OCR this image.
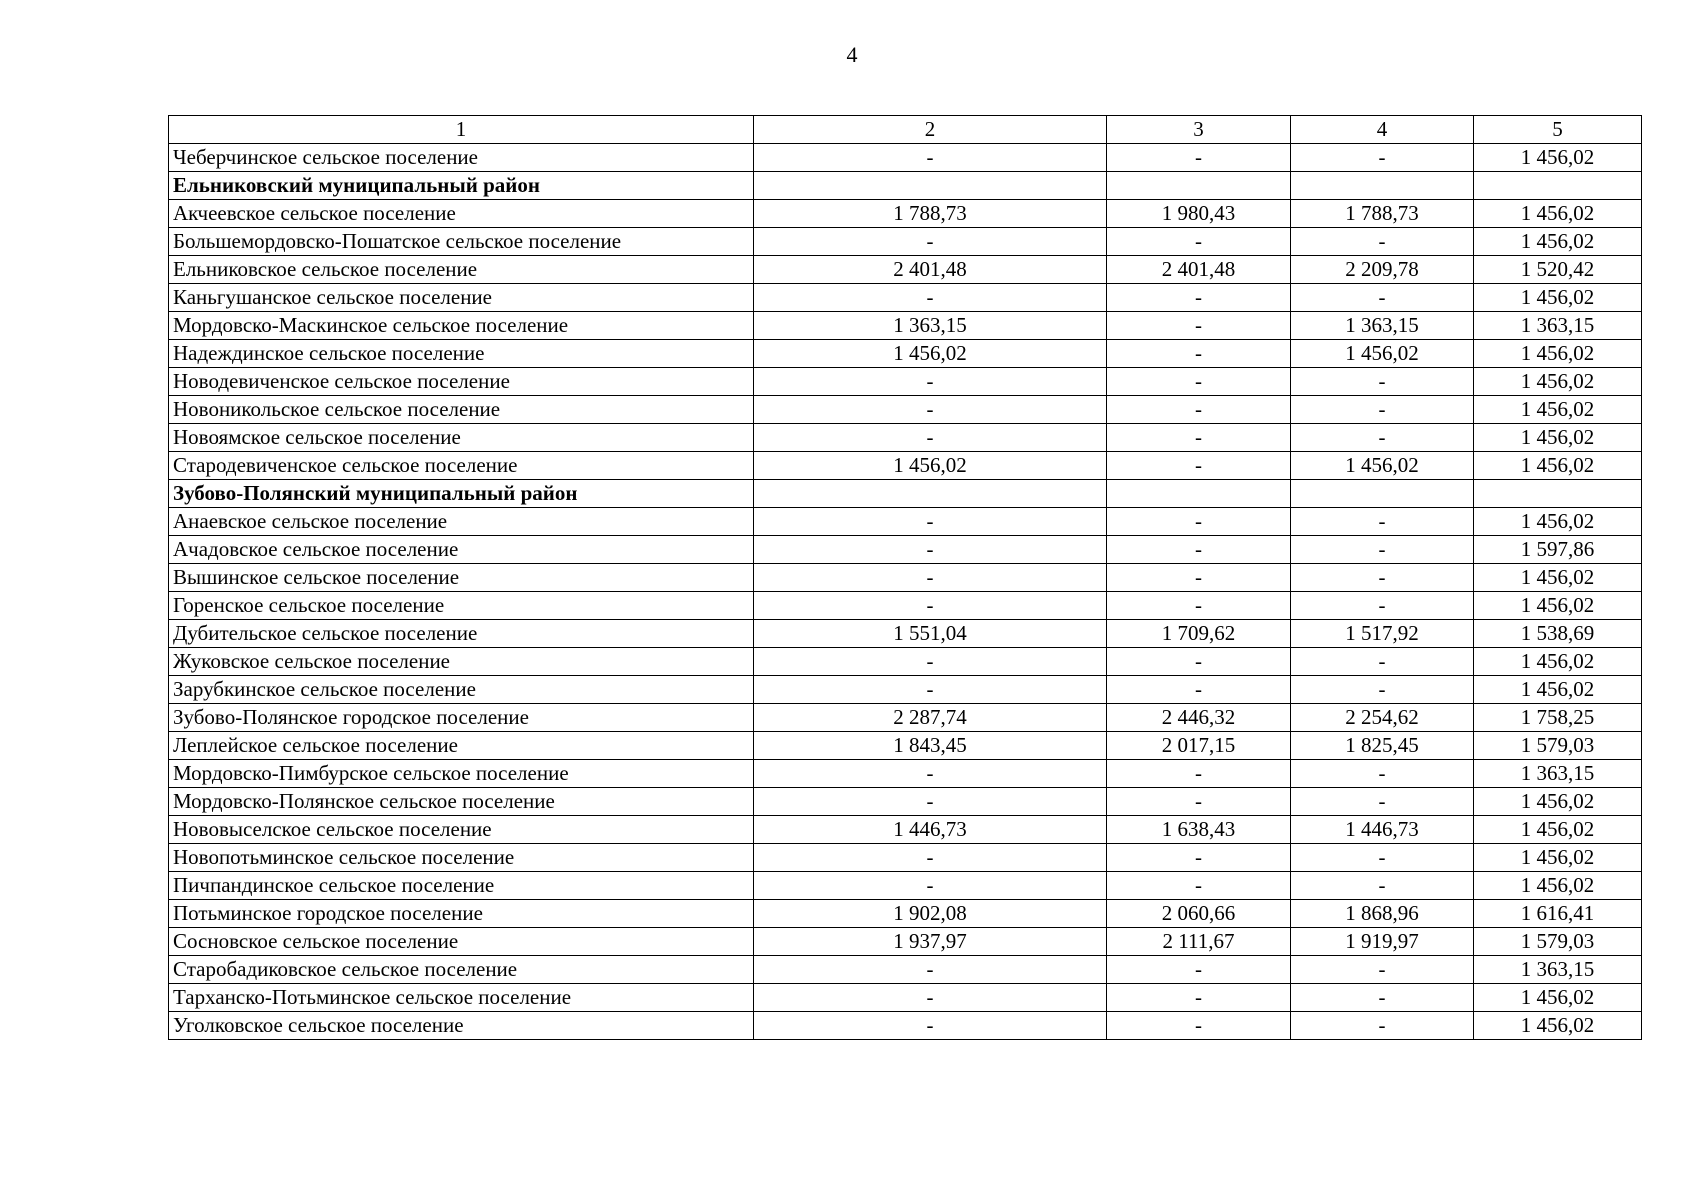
4
1	2	3	4	5
Чеберчинское сельское поселение	-	-	-	1 456,02
Ельниковский муниципальный район				
Акчеевское сельское поселение	1 788,73	1 980,43	1 788,73	1 456,02
Большемордовско-Пошатское сельское поселение	-	-	-	1 456,02
Ельниковское сельское поселение	2 401,48	2 401,48	2 209,78	1 520,42
Каньгушанское сельское поселение	-	-	-	1 456,02
Мордовско-Маскинское сельское поселение	1 363,15	-	1 363,15	1 363,15
Надеждинское сельское поселение	1 456,02	-	1 456,02	1 456,02
Новодевиченское сельское поселение	-	-	-	1 456,02
Новоникольское сельское поселение	-	-	-	1 456,02
Новоямское сельское поселение	-	-	-	1 456,02
Стародевиченское сельское поселение	1 456,02	-	1 456,02	1 456,02
Зубово-Полянский муниципальный район				
Анаевское сельское поселение	-	-	-	1 456,02
Ачадовское сельское поселение	-	-	-	1 597,86
Вышинское сельское поселение	-	-	-	1 456,02
Горенское сельское поселение	-	-	-	1 456,02
Дубительское сельское поселение	1 551,04	1 709,62	1 517,92	1 538,69
Жуковское сельское поселение	-	-	-	1 456,02
Зарубкинское сельское поселение	-	-	-	1 456,02
Зубово-Полянское городское поселение	2 287,74	2 446,32	2 254,62	1 758,25
Леплейское сельское поселение	1 843,45	2 017,15	1 825,45	1 579,03
Мордовско-Пимбурское сельское поселение	-	-	-	1 363,15
Мордовско-Полянское сельское поселение	-	-	-	1 456,02
Нововыселское сельское поселение	1 446,73	1 638,43	1 446,73	1 456,02
Новопотьминское сельское поселение	-	-	-	1 456,02
Пичпандинское сельское поселение	-	-	-	1 456,02
Потьминское городское поселение	1 902,08	2 060,66	1 868,96	1 616,41
Сосновское сельское поселение	1 937,97	2 111,67	1 919,97	1 579,03
Старобадиковское сельское поселение	-	-	-	1 363,15
Тарханско-Потьминское сельское поселение	-	-	-	1 456,02
Уголковское сельское поселение	-	-	-	1 456,02
